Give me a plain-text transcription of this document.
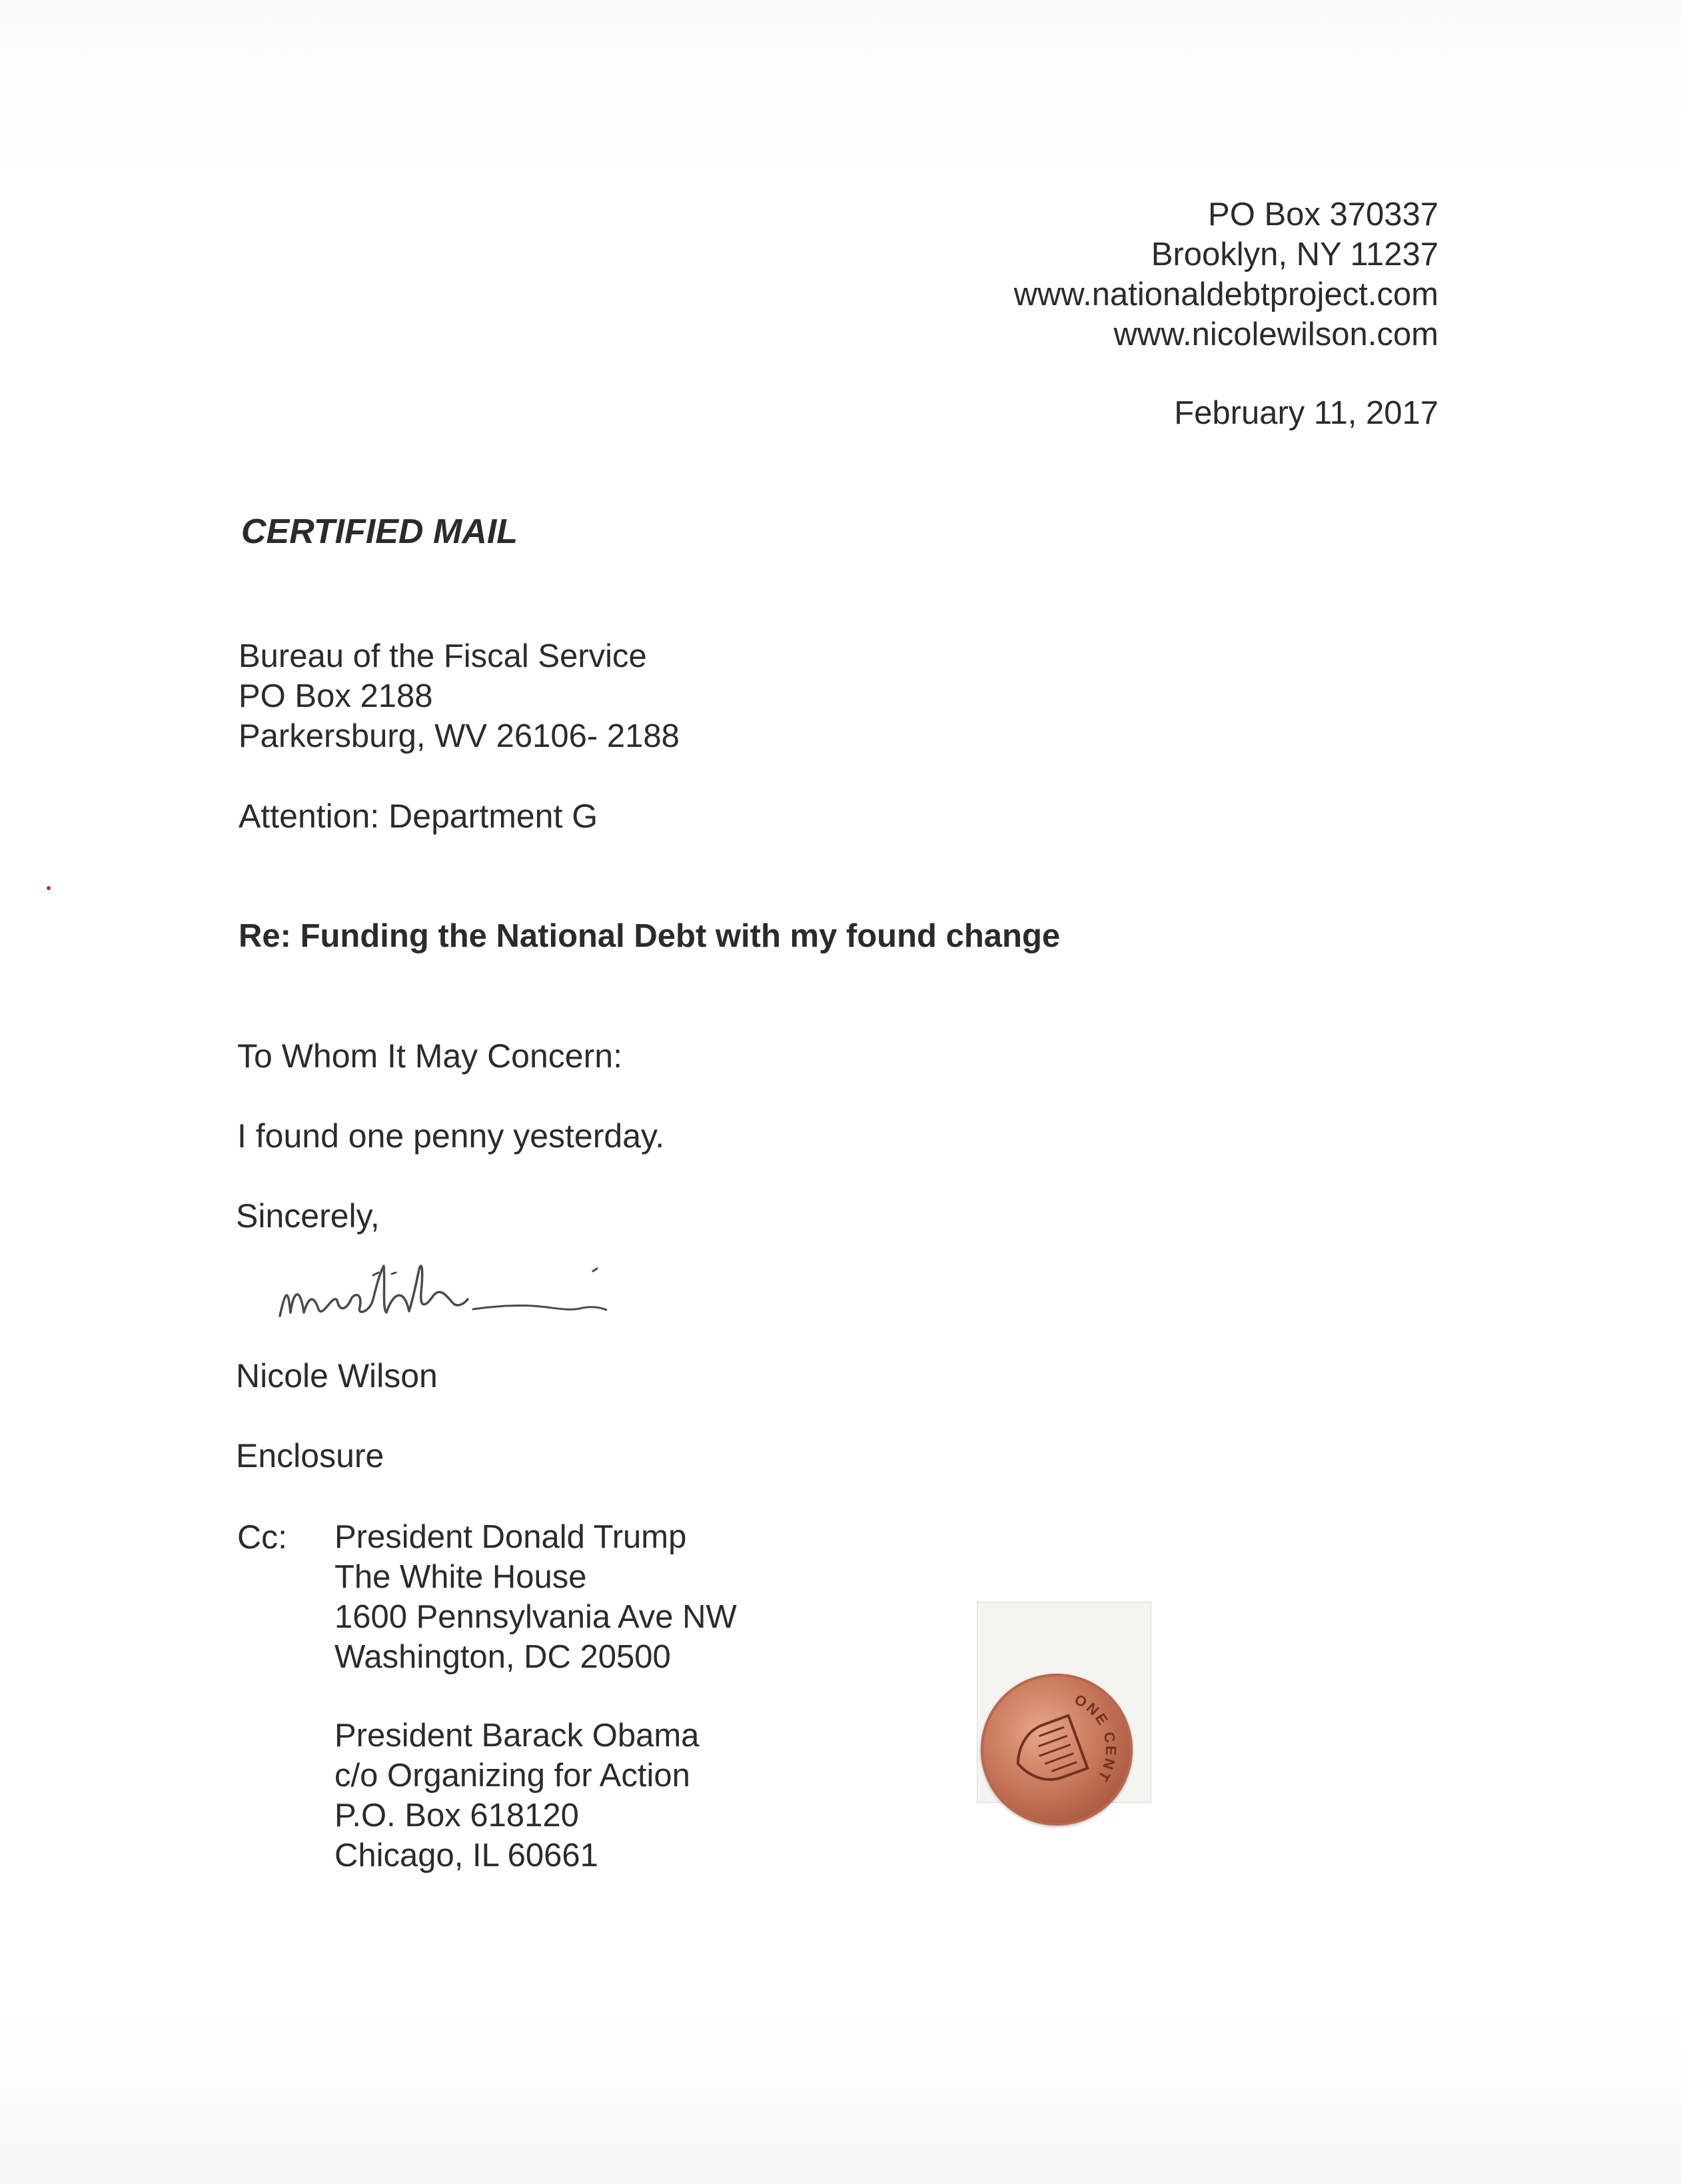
PO Box 370337
Brooklyn, NY 11237
www.nationaldebtproject.com
www.nicolewilson.com
February 11, 2017
CERTIFIED MAIL
Bureau of the Fiscal Service
PO Box 2188
Parkersburg, WV 26106- 2188
Attention: Department G
Re: Funding the National Debt with my found change
To Whom It May Concern:
I found one penny yesterday.
Sincerely,
Nicole Wilson
Enclosure
Cc: President Donald Trump
The White House
1600 Pennsylvania Ave NW
Washington, DC 20500
President Barack Obama
c/o Organizing for Action
P.O. Box 618120
Chicago, IL 60661
ONE CENT
